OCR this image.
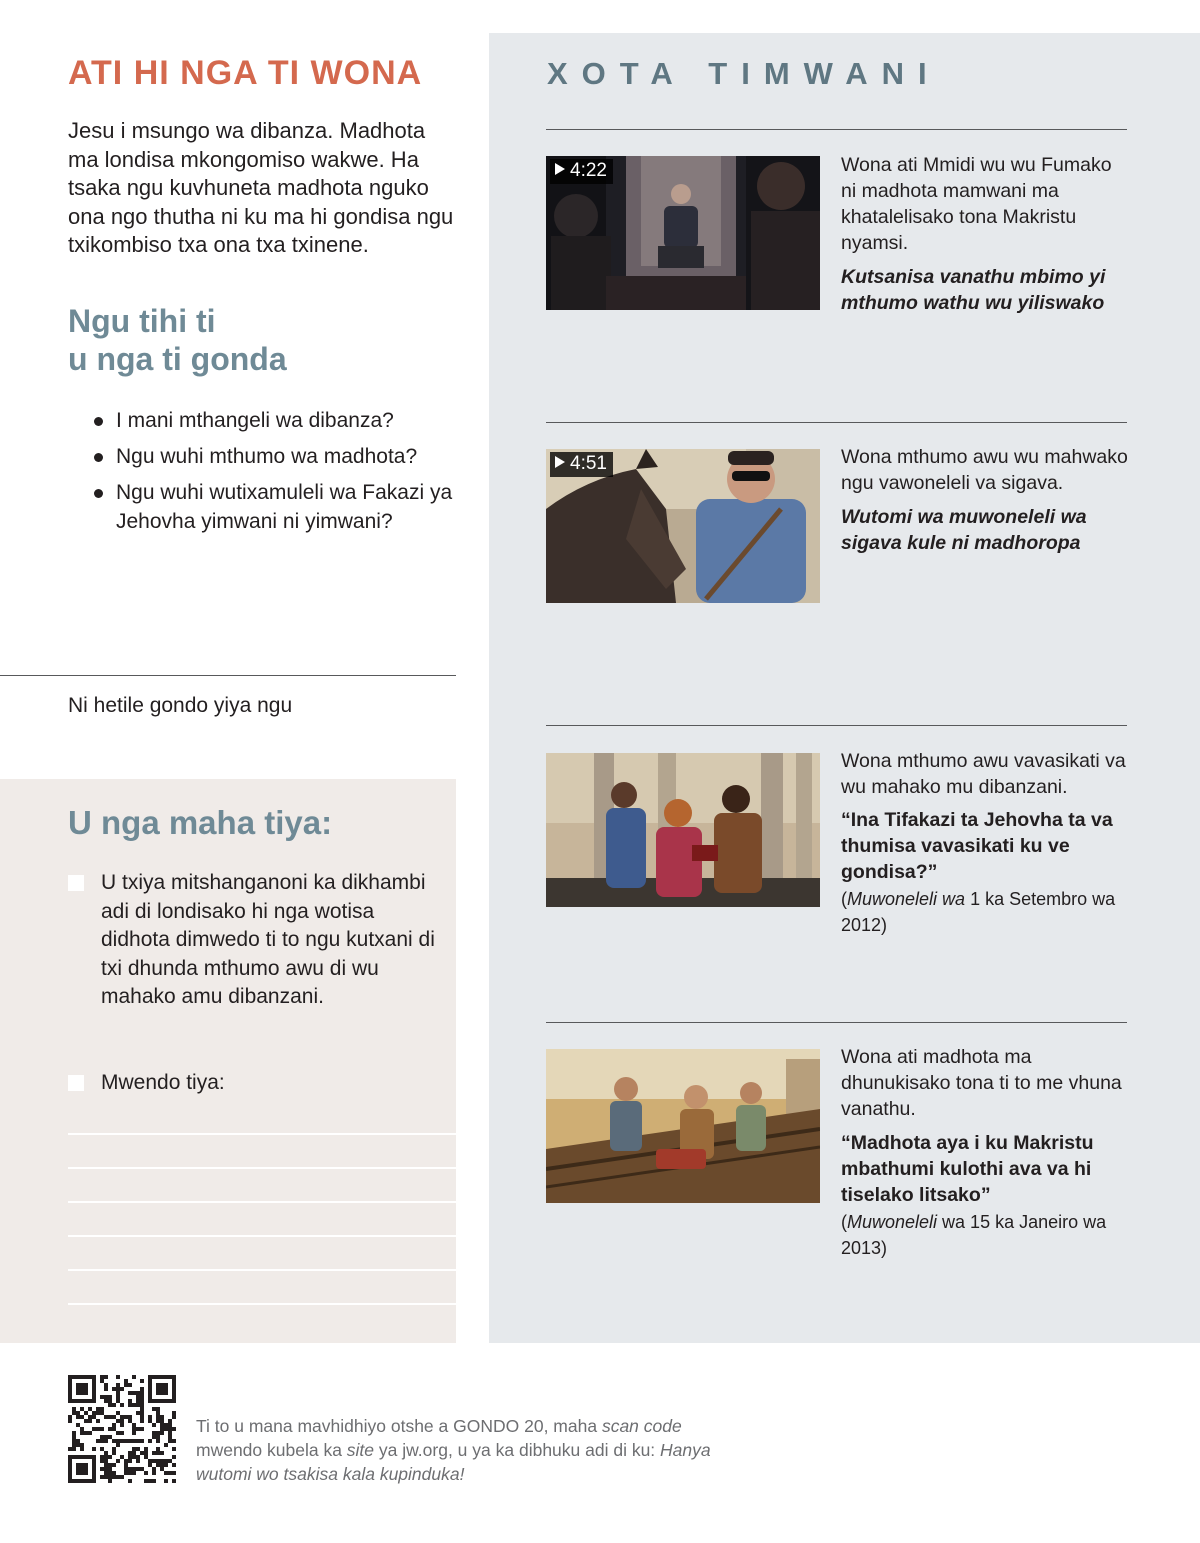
ATI HI NGA TI WONA
Jesu i msungo wa dibanza. Madhota ma londisa mkongomiso wakwe. Ha tsaka ngu kuvhuneta madhota nguko ona ngo thutha ni ku ma hi gondisa ngu txikombiso txa ona txa txinene.
Ngu tihi ti
u nga ti gonda
I mani mthangeli wa dibanza?
Ngu wuhi mthumo wa madhota?
Ngu wuhi wutixamuleli wa Fakazi ya Jehovha yimwani ni yimwani?
Ni hetile gondo yiya ngu
U nga maha tiya:
U txiya mitshanganoni ka dikhambi adi di londisako hi nga wotisa didhota dimwedo ti to ngu kutxani di txi dhunda mthumo awu di wu mahako amu dibanzani.
Mwendo tiya:
XOTA TIMWANI
4:22	Wona ati Mmidi wu wu Fumako ni madhota mamwani ma khatalelisako tona Makristu nyamsi.
Kutsanisa vanathu mbimo yi mthumo wathu wu yiliswako
4:51	Wona mthumo awu wu mahwako ngu vawoneleli va sigava.
Wutomi wa muwoneleli wa sigava kule ni madhoropa
Wona mthumo awu vavasikati va wu mahako mu dibanzani.
“Ina Tifakazi ta Jehovha ta va thumisa vavasikati ku ve gondisa?”
(Muwoneleli wa 1 ka Setembro wa 2012)
Wona ati madhota ma dhunukisako tona ti to me vhuna vanathu.
“Madhota aya i ku Makristu mbathumi kulothi ava va hi tiselako litsako”
(Muwoneleli wa 15 ka Janeiro wa 2013)
Ti to u mana mavhidhiyo otshe a GONDO 20, maha scan code mwendo kubela ka site ya jw.org, u ya ka dibhuku adi di ku: Hanya wutomi wo tsakisa kala kupinduka!
